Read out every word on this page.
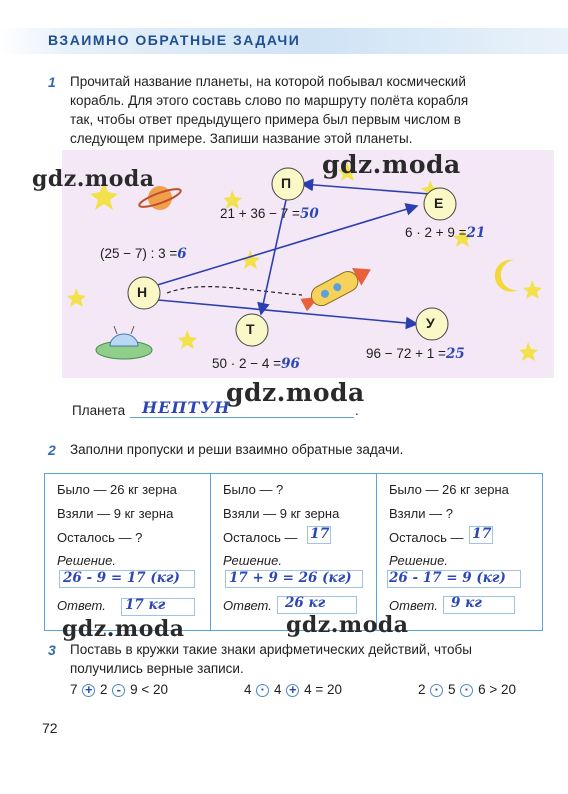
ВЗАИМНО ОБРАТНЫЕ ЗАДАЧИ
1 Прочитай название планеты, на которой побывал космический
корабль. Для этого составь слово по маршруту полёта корабля
так, чтобы ответ предыдущего примера был первым числом в
следующем примере. Запиши название этой планеты.
П
Е
Н
Т	У
21 + 36 − 7 =50
6 · 2 + 9 =21
(25 − 7) : 3 =6
50 · 2 − 4 =96
96 − 72 + 1 =25
Планета НЕПТУН	.
2 Заполни пропуски и реши взаимно обратные задачи.
Было — 26 кг зерна
Взяли — 9 кг зерна
Осталось — ?
Решение.
26 - 9 = 17 (кг)
Ответ. 17 кг
Было — ?
Взяли — 9 кг зерна
Осталось — 17
Решение.
17 + 9 = 26 (кг)
Ответ. 26 кг
Было — 26 кг зерна
Взяли — ?
Осталось — 17
Решение.
26 - 17 = 9 (кг)
Ответ. 9 кг
3 Поставь в кружки такие знаки арифметических действий, чтобы
получились верные записи.
7 + 2 - 9 < 20	4 · 4 + 4 = 20	2 · 5 · 6 > 20
gdz.moda	gdz.moda
gdz.moda
gdz.moda	gdz.moda
72
